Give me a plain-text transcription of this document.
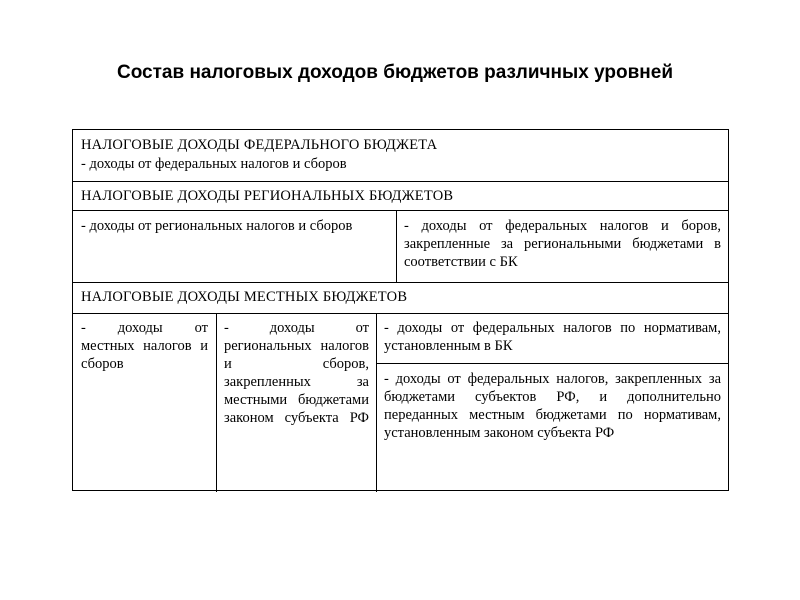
Состав налоговых доходов бюджетов различных уровней
НАЛОГОВЫЕ ДОХОДЫ ФЕДЕРАЛЬНОГО БЮДЖЕТА
- доходы от федеральных налогов и сборов
НАЛОГОВЫЕ ДОХОДЫ РЕГИОНАЛЬНЫХ БЮДЖЕТОВ
- доходы от региональных налогов и сборов	- доходы от федеральных налогов и боров, закрепленные за региональными бюджетами в соответствии с БК
НАЛОГОВЫЕ ДОХОДЫ МЕСТНЫХ БЮДЖЕТОВ
- доходы от местных налогов и сборов
- доходы от региональных налогов и сборов, закрепленных за местными бюджетами законом субъекта РФ
- доходы от федеральных налогов по нормативам, установленным в БК
- доходы от федеральных налогов, закрепленных за бюджетами субъектов РФ, и дополнительно переданных местным бюджетами по нормативам, установленным законом субъекта РФ
